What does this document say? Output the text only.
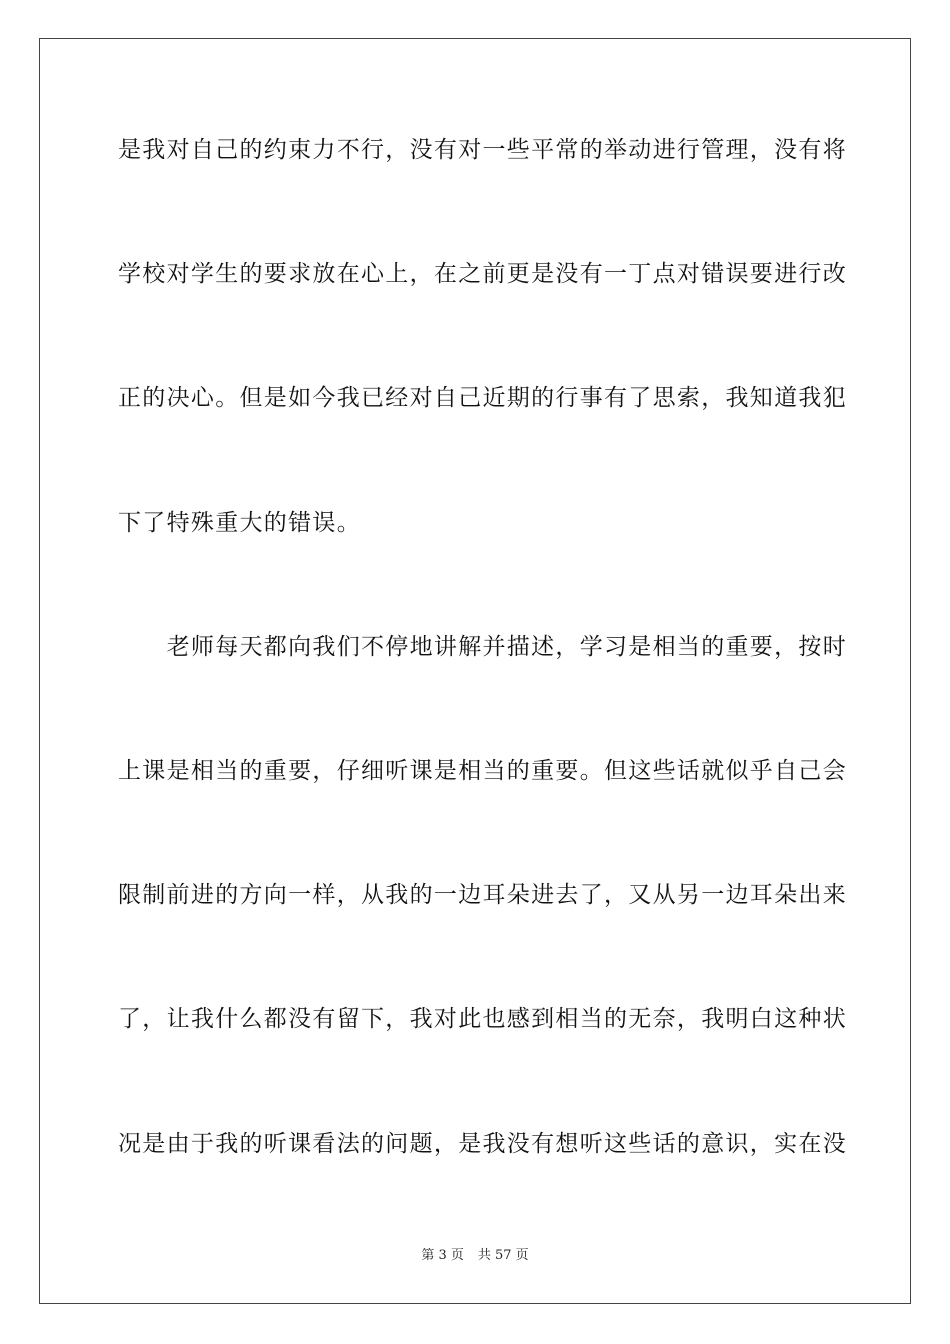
是我对自己的约束力不行，没有对一些平常的举动进行管理，没有将
学校对学生的要求放在心上，在之前更是没有一丁点对错误要进行改
正的决心。但是如今我已经对自己近期的行事有了思索，我知道我犯
下了特殊重大的错误。
　　老师每天都向我们不停地讲解并描述，学习是相当的重要，按时
上课是相当的重要，仔细听课是相当的重要。但这些话就似乎自己会
限制前进的方向一样，从我的一边耳朵进去了，又从另一边耳朵出来
了，让我什么都没有留下，我对此也感到相当的无奈，我明白这种状
况是由于我的听课看法的问题，是我没有想听这些话的意识，实在没
第 3 页 共 57 页
